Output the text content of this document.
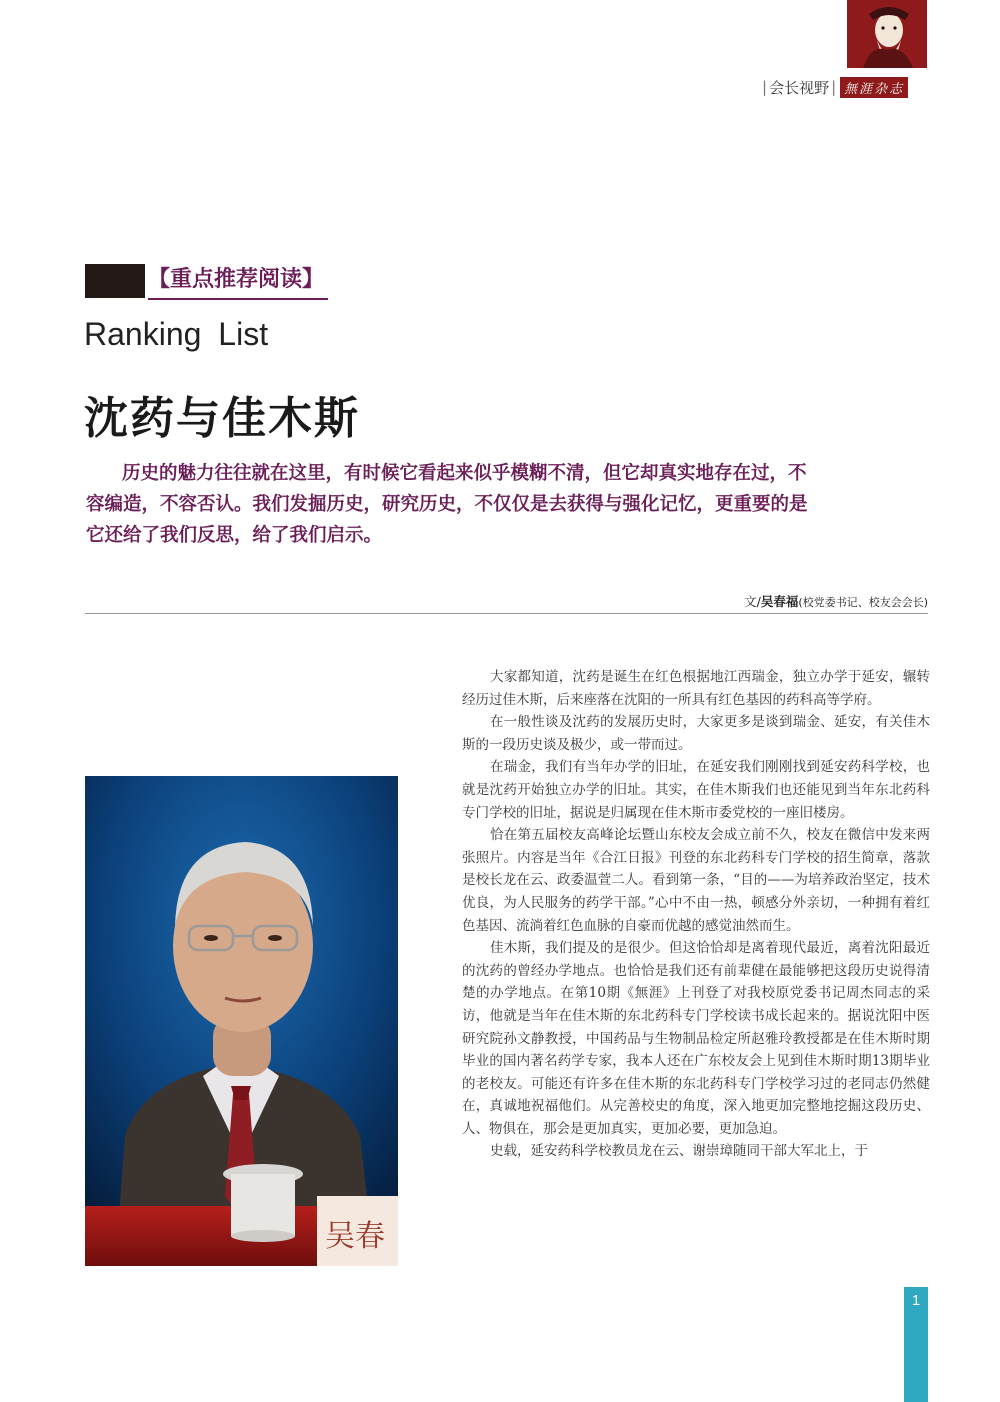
| 会长视野 | 無涯杂志
【重点推荐阅读】
Ranking List
沈药与佳木斯
历史的魅力往往就在这里，有时候它看起来似乎模糊不清，但它却真实地存在过，不容编造，不容否认。我们发掘历史，研究历史，不仅仅是去获得与强化记忆，更重要的是它还给了我们反思，给了我们启示。
文/吴春福(校党委书记、校友会会长)
吴春

大家都知道，沈药是诞生在红色根据地江西瑞金，独立办学于延安，辗转经历过佳木斯，后来座落在沈阳的一所具有红色基因的药科高等学府。

在一般性谈及沈药的发展历史时，大家更多是谈到瑞金、延安，有关佳木斯的一段历史谈及极少，或一带而过。

在瑞金，我们有当年办学的旧址，在延安我们刚刚找到延安药科学校，也就是沈药开始独立办学的旧址。其实，在佳木斯我们也还能见到当年东北药科专门学校的旧址，据说是归属现在佳木斯市委党校的一座旧楼房。

恰在第五届校友高峰论坛暨山东校友会成立前不久，校友在微信中发来两张照片。内容是当年《合江日报》刊登的东北药科专门学校的招生简章，落款是校长龙在云、政委温萱二人。看到第一条，“目的——为培养政治坚定，技术优良，为人民服务的药学干部。”心中不由一热，顿感分外亲切，一种拥有着红色基因、流淌着红色血脉的自豪而优越的感觉油然而生。

佳木斯，我们提及的是很少。但这恰恰却是离着现代最近，离着沈阳最近的沈药的曾经办学地点。也恰恰是我们还有前辈健在最能够把这段历史说得清楚的办学地点。在第10期《無涯》上刊登了对我校原党委书记周杰同志的采访，他就是当年在佳木斯的东北药科专门学校读书成长起来的。据说沈阳中医研究院孙文静教授，中国药品与生物制品检定所赵雅玲教授都是在佳木斯时期毕业的国内著名药学专家，我本人还在广东校友会上见到佳木斯时期13期毕业的老校友。可能还有许多在佳木斯的东北药科专门学校学习过的老同志仍然健在，真诚地祝福他们。从完善校史的角度，深入地更加完整地挖掘这段历史、人、物俱在，那会是更加真实，更加必要，更加急迫。

史载，延安药科学校教员龙在云、谢崇璋随同干部大军北上，于

1
